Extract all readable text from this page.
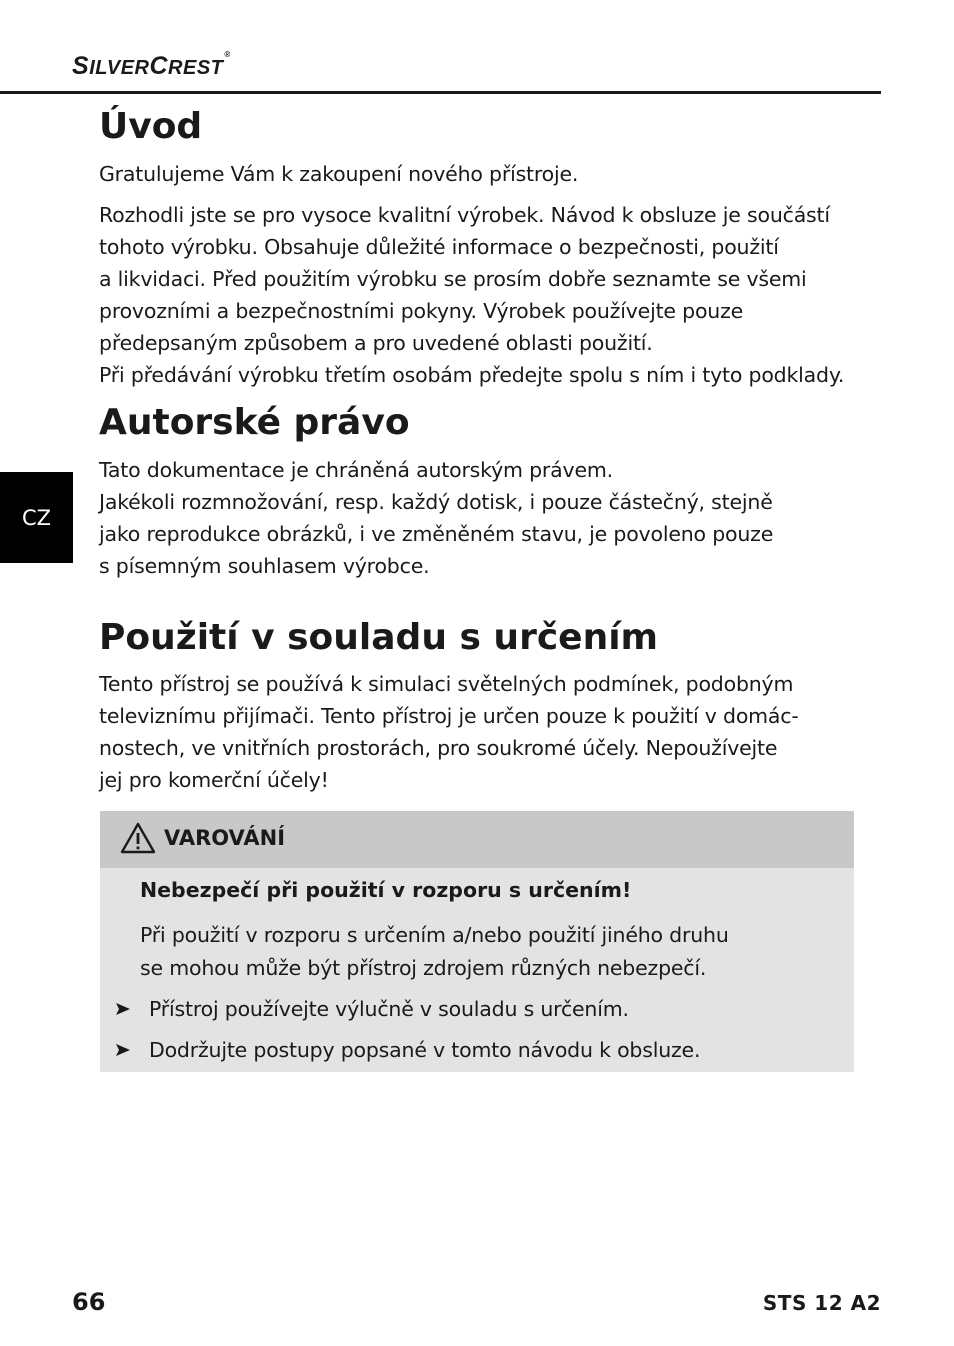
SILVERCREST®
CZ
Úvod

Gratulujeme Vám k zakoupení nového přístroje.

Rozhodli jste se pro vysoce kvalitní výrobek. Návod k obsluze je součástí

tohoto výrobku. Obsahuje důležité informace o bezpečnosti, použití

a likvidaci. Před použitím výrobku se prosím dobře seznamte se všemi

provozními a bezpečnostními pokyny. Výrobek používejte pouze

předepsaným způsobem a pro uvedené oblasti použití.

Při předávání výrobku třetím osobám předejte spolu s ním i tyto podklady.

Autorské právo

Tato dokumentace je chráněná autorským právem.

Jakékoli rozmnožování, resp. každý dotisk, i pouze částečný, stejně

jako reprodukce obrázků, i ve změněném stavu, je povoleno pouze

s písemným souhlasem výrobce.

Použití v souladu s určením

Tento přístroj se používá k simulaci světelných podmínek, podobným

televiznímu přijímači. Tento přístroj je určen pouze k použití v domác-

nostech, ve vnitřních prostorách, pro soukromé účely. Nepoužívejte

jej pro komerční účely!

VAROVÁNÍ
Nebezpečí při použití v rozporu s určením!

Při použití v rozporu s určením a/nebo použití jiného druhu

se mohou může být přístroj zdrojem různých nebezpečí.

Přístroj používejte výlučně v souladu s určením.

Dodržujte postupy popsané v tomto návodu k obsluze.

66	STS 12 A2
